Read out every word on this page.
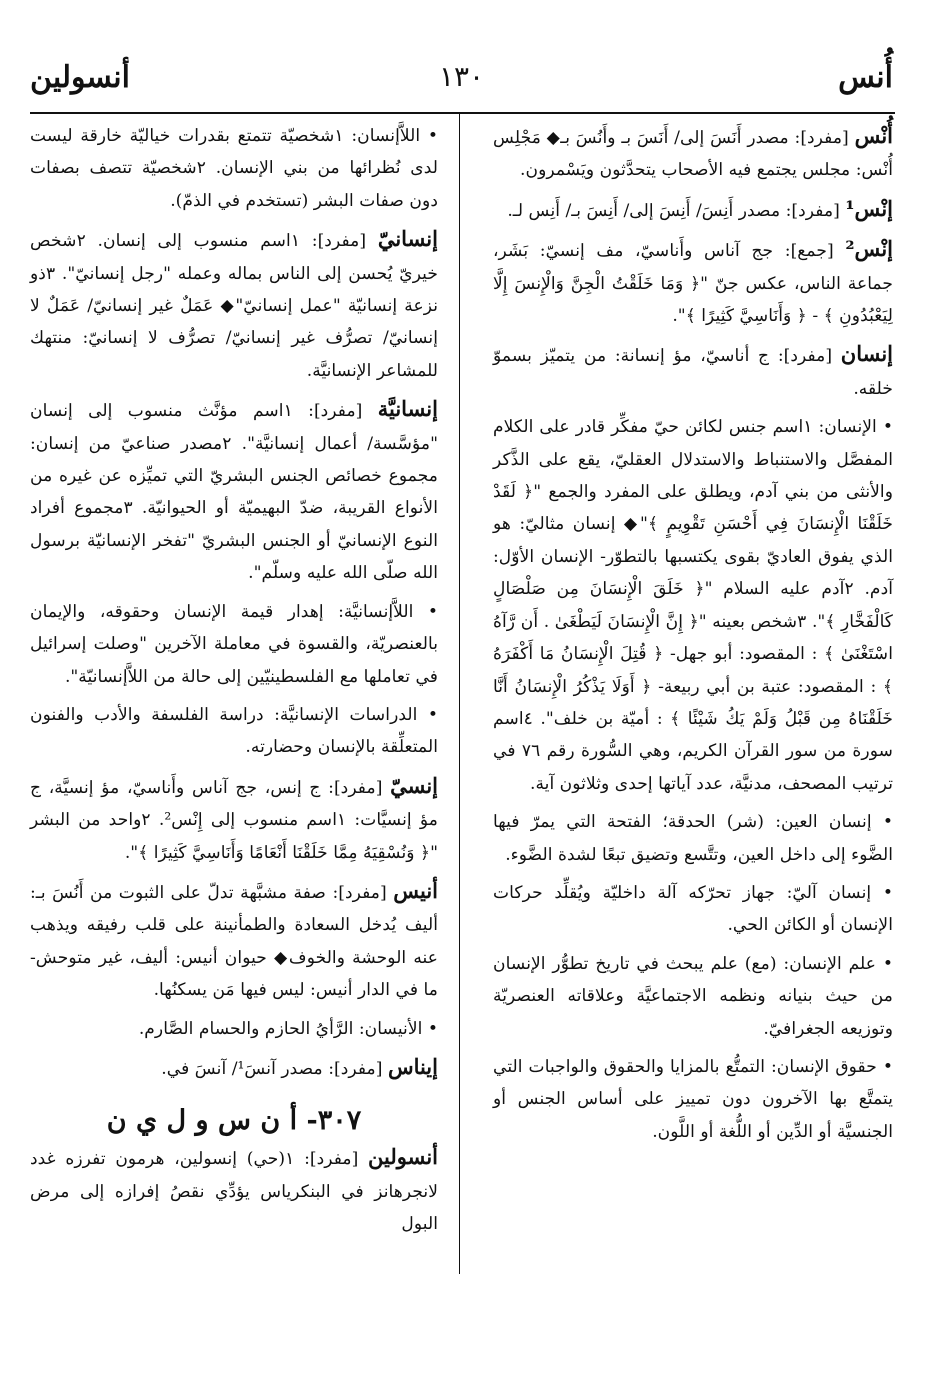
أُنس
١٣٠
أنسولين

أُنْس [مفرد]: مصدر أَنَسَ إلى/ أَنَسَ بـ وأَنُسَ بـ◆ مَجْلِس أُنْس: مجلس يجتمع فيه الأصحاب يتحدَّثون ويَسْمرون.

إنْس¹ [مفرد]: مصدر أَنِسَ/ أَنِسَ إلى/ أَنِسَ بـ/ أَنِس لـ.

إنْس² [جمع]: جج آناس وأَناسيّ، مف إنسيّ: بَشَر، جماعة الناس، عكس جنّ "﴿ وَمَا خَلَقْتُ الْجِنَّ وَالْإِنسَ إِلَّا لِيَعْبُدُونِ ﴾ - ﴿ وَأَنَاسِيَّ كَثِيرًا ﴾".

إنسان [مفرد]: ج أناسيّ، مؤ إنسانة: من يتميّز بسموّ خلقه.

• الإنسان: ١اسم جنس لكائن حيّ مفكِّر قادر على الكلام المفصَّل والاستنباط والاستدلال العقليّ، يقع على الذَّكر والأنثى من بني آدم، ويطلق على المفرد والجمع "﴿ لَقَدْ خَلَقْنَا الْإِنسَانَ فِي أَحْسَنِ تَقْوِيمٍ ﴾"◆ إنسان مثاليّ: هو الذي يفوق العاديّ بقوى يكتسبها بالتطوّر- الإنسان الأوّل: آدم. ٢آدم عليه السلام "﴿ خَلَقَ الْإِنسَانَ مِن صَلْصَالٍ كَالْفَخَّارِ ﴾". ٣شخص بعينه "﴿ إِنَّ الْإِنسَانَ لَيَطْغَىٰ . أَن رَّآهُ اسْتَغْنَىٰ ﴾ : المقصود: أبو جهل- ﴿ قُتِلَ الْإِنسَانُ مَا أَكْفَرَهُ ﴾ : المقصود: عتبة بن أبي ربيعة- ﴿ أَوَلَا يَذْكُرُ الْإِنسَانُ أَنَّا خَلَقْنَاهُ مِن قَبْلُ وَلَمْ يَكُ شَيْئًا ﴾ : أميّة بن خلف". ٤اسم سورة من سور القرآن الكريم، وهي السُّورة رقم ٧٦ في ترتيب المصحف، مدنيَّة، عدد آياتها إحدى وثلاثون آية.

• إنسان العين: (شر) الحدقة؛ الفتحة التي يمرّ فيها الضَّوء إلى داخل العين، وتتَّسع وتضيق تبعًا لشدة الضَّوء.

• إنسان آليّ: جهاز تحرّكه آلة داخليّة ويُقلِّد حركات الإنسان أو الكائن الحي.

• علم الإنسان: (مع) علم يبحث في تاريخ تطوُّر الإنسان من حيث بنيانه ونظمه الاجتماعيَّة وعلاقاته العنصريّة وتوزيعه الجغرافيّ.

• حقوق الإنسان: التمتُّع بالمزايا والحقوق والواجبات التي يتمتَّع بها الآخرون دون تمييز على أساس الجنس أو الجنسيَّة أو الدِّين أو اللُّغة أو اللَّون.

• اللاَّإنسان: ١شخصيّة تتمتع بقدرات خياليّة خارقة ليست لدى نُظرائها من بني الإنسان. ٢شخصيّة تتصف بصفات دون صفات البشر (تستخدم في الذمّ).

إنسانيّ [مفرد]: ١اسم منسوب إلى إنسان. ٢شخص خيريّ يُحسن إلى الناس بماله وعمله "رجل إنسانيّ". ٣ذو نزعة إنسانيّة "عمل إنسانيّ"◆ عَمَلٌ غير إنسانيّ/ عَمَلٌ لا إنسانيّ/ تصرُّف غير إنسانيّ/ تصرُّف لا إنسانيّ: منتهك للمشاعر الإنسانيَّة.

إنسانيَّة [مفرد]: ١اسم مؤنَّث منسوب إلى إنسان "مؤسَّسة/ أعمال إنسانيَّة". ٢مصدر صناعيّ من إنسان: مجموع خصائص الجنس البشريّ التي تميِّزه عن غيره من الأنواع القريبة، ضدّ البهيميّة أو الحيوانيّة. ٣مجموع أفراد النوع الإنسانيّ أو الجنس البشريّ "تفخر الإنسانيّة برسول الله صلّى الله عليه وسلّم".

• اللاَّإنسانيَّة: إهدار قيمة الإنسان وحقوقه، والإيمان بالعنصريّة، والقسوة في معاملة الآخرين "وصلت إسرائيل في تعاملها مع الفلسطينيّين إلى حالة من اللاَّإنسانيّة".

• الدراسات الإنسانيَّة: دراسة الفلسفة والأدب والفنون المتعلِّقة بالإنسان وحضارته.

إنسيّ [مفرد]: ج إنس، جج آناس وأَناسيّ، مؤ إنسيَّة، ج مؤ إنسيَّات: ١اسم منسوب إلى إِنْس². ٢واحد من البشر "﴿ وَنُسْقِيَهُ مِمَّا خَلَقْنَا أَنْعَامًا وَأَنَاسِيَّ كَثِيرًا ﴾".

أنيس [مفرد]: صفة مشبَّهة تدلّ على الثبوت من أَنُسَ بـ: أليف يُدخل السعادة والطمأنينة على قلب رفيقه ويذهب عنه الوحشة والخوف◆ حيوان أنيس: أليف، غير متوحش- ما في الدار أنيس: ليس فيها مَن يسكنُها.

• الأنيسان: الرَّأيُ الحازم والحسام الصَّارم.

إيناس [مفرد]: مصدر آنسَ¹/ آنسَ في.

٣٠٧- أ ن س و ل ي ن

أنسولين [مفرد]: ١(حي) إنسولين، هرمون تفرزه غدد لانجرهانز في البنكرياس يؤدِّي نقصُ إفرازه إلى مرض البول
